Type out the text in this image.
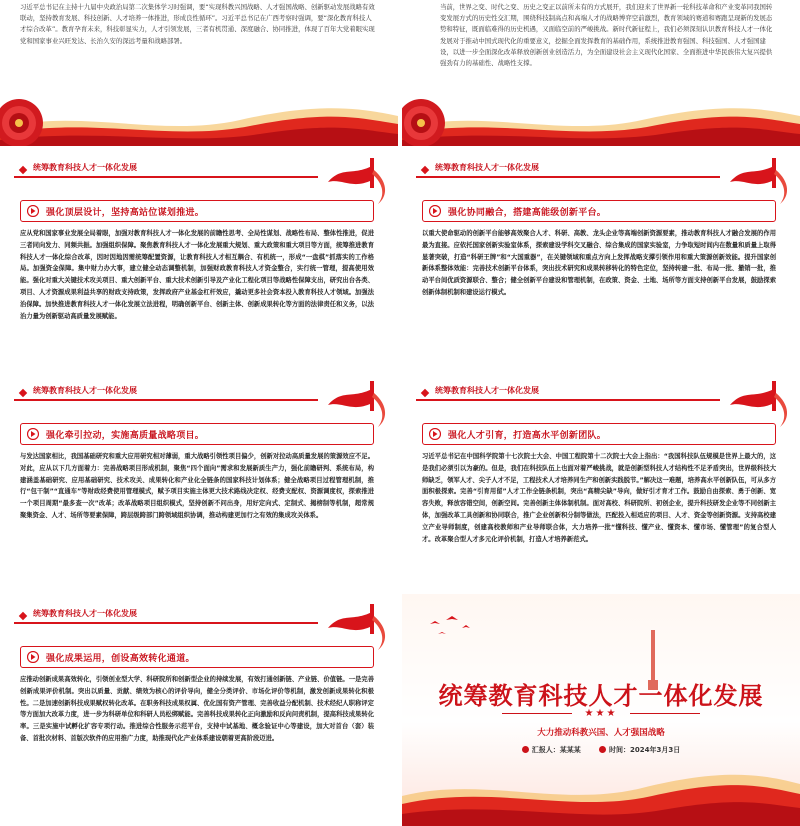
习近平总书记在主持十九届中央政治局第二次集体学习时强调，要“实现科教兴国战略、人才强国战略、创新驱动发展战略有效联动，坚持教育发展、科技创新、人才培养一体推进，形成良性循环”。习近平总书记在广西考察时强调，要“深化教育科技人才综合改革”。教育孕育未来，科技彰显实力，人才引领发展，三者有机贯通、深度融合、协同推进，体现了百年大党着眼实现党和国家事业兴旺发达、长治久安的深远考量和战略部署。
当前，世界之变、时代之变、历史之变正以前所未有的方式展开，我们迎来了世界新一轮科技革命和产业变革同我国转变发展方式的历史性交汇期，围绕科技制高点和高端人才的战略博弈空前激烈，教育领域的赛道和赛跑呈现新的发展态势和特征，既面临难得的历史机遇，又面临空前的严峻挑战。新时代新征程上，我们必须深刻认识教育科技人才一体化发展对于推动中国式现代化的重要意义，挖掘全面发挥教育的基础作用，系统推进教育强国、科技强国、人才强国建设，以进一步全面深化改革释放创新创业创造活力，为全面建设社会主义现代化国家、全面推进中华民族伟大复兴提供强劲有力的基础性、战略性支撑。
统筹教育科技人才一体化发展
强化顶层设计，坚持高站位谋划推进。
应从党和国家事业发展全局着眼，加强对教育科技人才一体化发展的前瞻性思考、全局性谋划、战略性布局、整体性推进，促进三者同向发力、同频共振。加强组织保障。聚焦教育科技人才一体化发展重大规划、重大政策和重大项目等方面，统筹推进教育科技人才一体化综合改革，因时因地因需统筹配置资源，让教育科技人才相互耦合、有机统一，形成“一盘棋”抓落实的工作格局。加强资金保障。集中财力办大事，建立健全动态调整机制，加强财政教育科技人才资金整合，实行统一管理，提高使用效能。强化对重大关键技术攻关项目、重大创新平台、重大技术创新引导及产业化工程化项目等战略性保障支出，研究出台各类、项目、人才资源成果利益共享的财政支持政策，发挥政府产业基金杠杆效应，撬动更多社会资本投入教育科技人才领域。加强法治保障。加快推进教育科技人才一体化发展立法进程，明确创新平台、创新主体、创新成果转化等方面的法律责任和义务，以法治力量为创新驱动高质量发展赋能。
统筹教育科技人才一体化发展
强化协同融合，搭建高能级创新平台。
以重大使命驱动的创新平台能够高效聚合人才、科研、高教、龙头企业等高端创新资源要素，推动教育科技人才融合发展的作用最为直接。应依托国家创新实验室体系，探索建设学科交叉融合、综合集成的国家实验室，力争取短时间内在数量和质量上取得显著突破，打造“科研王牌”和“大国重器”，在关键领域和重点方向上发挥战略支撑引领作用和重大策源创新效能。提升国家创新体系整体效能：完善技术创新平台体系，突出技术研究和成果转移转化的特色定位，坚持转建一批、布局一批、撤销一批，推动平台间优质资源联合、整合；健全创新平台建设和管理机制，在政策、资金、土地、场所等方面支持创新平台发展，鼓励探索创新体制机制和建设运行模式。
统筹教育科技人才一体化发展
强化牵引拉动，实施高质量战略项目。
与发达国家相比，我国基础研究和重大应用研究相对薄弱，重大战略引领性项目偏少，创新对拉动高质量发展的策源效应不足。对此，应从以下几方面着力：完善战略项目形成机制，聚焦“四个面向”需求和发展新质生产力，强化前瞻研判、系统布局，构建涵盖基础研究、应用基础研究、技术攻关、成果转化和产业化全链条的国家科技计划体系；健全战略项目过程管理机制，推行“包干制”“直通车”等财政经费使用管理模式，赋予项目实施主体更大技术路线决定权、经费支配权、资源调度权，探索推进一个项目周期“最多查一次”改革；改革战略项目组织模式，坚持创新不问出身，用好定向式、定制式、揭榜制等机制，超常规聚集资金、人才、场所等要素保障，跨层级跨部门跨领域组织协调，推动构建更加行之有效的集成攻关体系。
统筹教育科技人才一体化发展
强化人才引育，打造高水平创新团队。
习近平总书记在中国科学院第十七次院士大会、中国工程院第十二次院士大会上指出：“我国科技队伍规模是世界上最大的，这是我们必须引以为豪的。但是，我们在科技队伍上也面对着严峻挑战，就是创新型科技人才结构性不足矛盾突出，世界级科技大师缺乏，领军人才、尖子人才不足，工程技术人才培养同生产和创新实践脱节。”解决这一难题，培养高水平创新队伍，可从多方面积极探索。完善“引育用留”人才工作全链条机制，突出“高精尖缺”导向，做好引才育才工作。鼓励自由探索、勇于创新、宽容失败，释放容错空间，创新空间。完善创新主体体制机制。面对高校、科研院所、初创企业，提升科技研发企业等不同创新主体，加强改革工具创新和协同联合，推广企业创新积分制等做法，匹配投入相适应的项目、人才、资金等创新资源。支持高校建立产业导师制度，创建高校教师和产业导师联合体，大力培养一批“懂科技、懂产业、懂资本、懂市场、懂管理”的复合型人才。改革聚合型人才多元化评价机制，打造人才培养新范式。
统筹教育科技人才一体化发展
强化成果运用，创设高效转化通道。
应推动创新成果高效转化，引领创业型大学、科研院所和创新型企业的持续发展，有效打通创新链、产业链、价值链。一是完善创新成果评价机制。突出以质量、贡献、绩效为核心的评价导向，健全分类评价、市场化评价等机制，激发创新成果转化积极性。二是加速创新科技成果赋权转化改革。在职务科技成果权属、优化国有资产管理、完善收益分配机制、技术经纪人职称评定等方面加大改革力度，进一步为科研单位和科研人员松绑赋能。完善科技成果转化正向激励和反向问责机制，提高科技成果转化率。三是实施中试孵化扩容专项行动。推进综合性服务示范平台，支持中试基地、概念验证中心等建设，加大对首台（套）装备、首批次材料、首版次软件的应用推广力度，助推现代化产业体系建设朝着更高阶段迈进。
统筹教育科技人才一体化发展
★★★
大力推动科教兴国、人才强国战略
汇报人：某某某	时间：2024年3月3日
